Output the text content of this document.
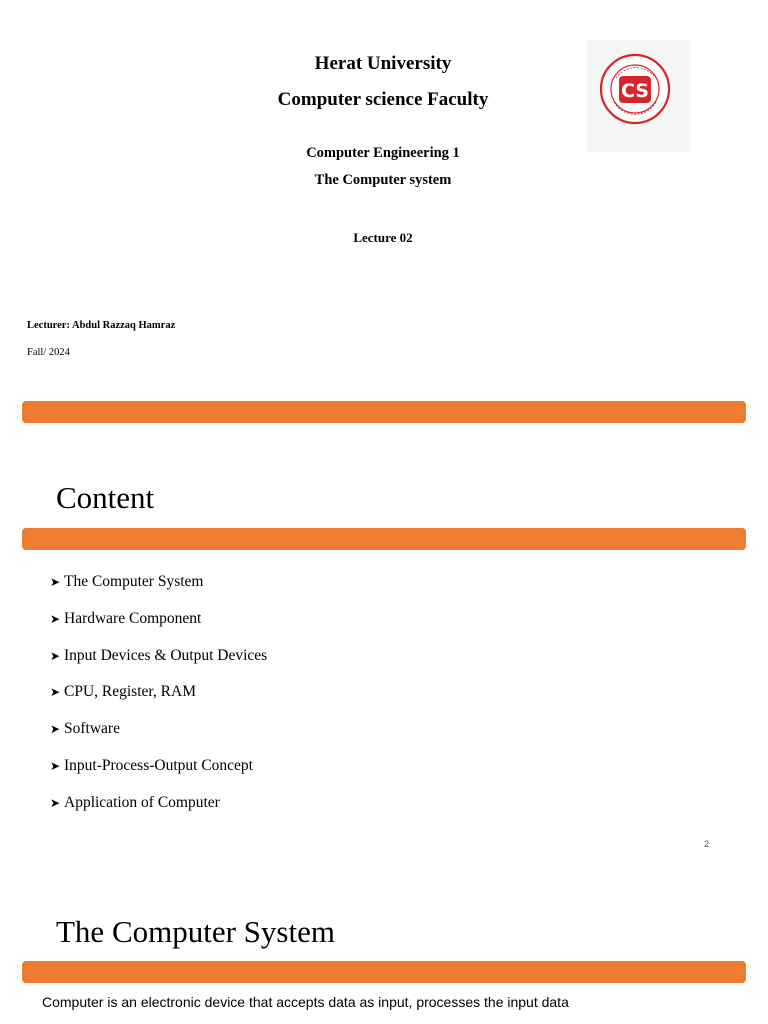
Herat University
Computer science Faculty
Computer Engineering 1
The Computer system
Lecture 02
CS
Lecturer: Abdul Razzaq Hamraz
Fall/ 2024
Content
➤ The Computer System
➤ Hardware Component
➤ Input Devices & Output Devices
➤ CPU, Register, RAM
➤ Software
➤ Input-Process-Output Concept
➤ Application of Computer
2
The Computer System
Computer is an electronic device that accepts data as input, processes the input data
